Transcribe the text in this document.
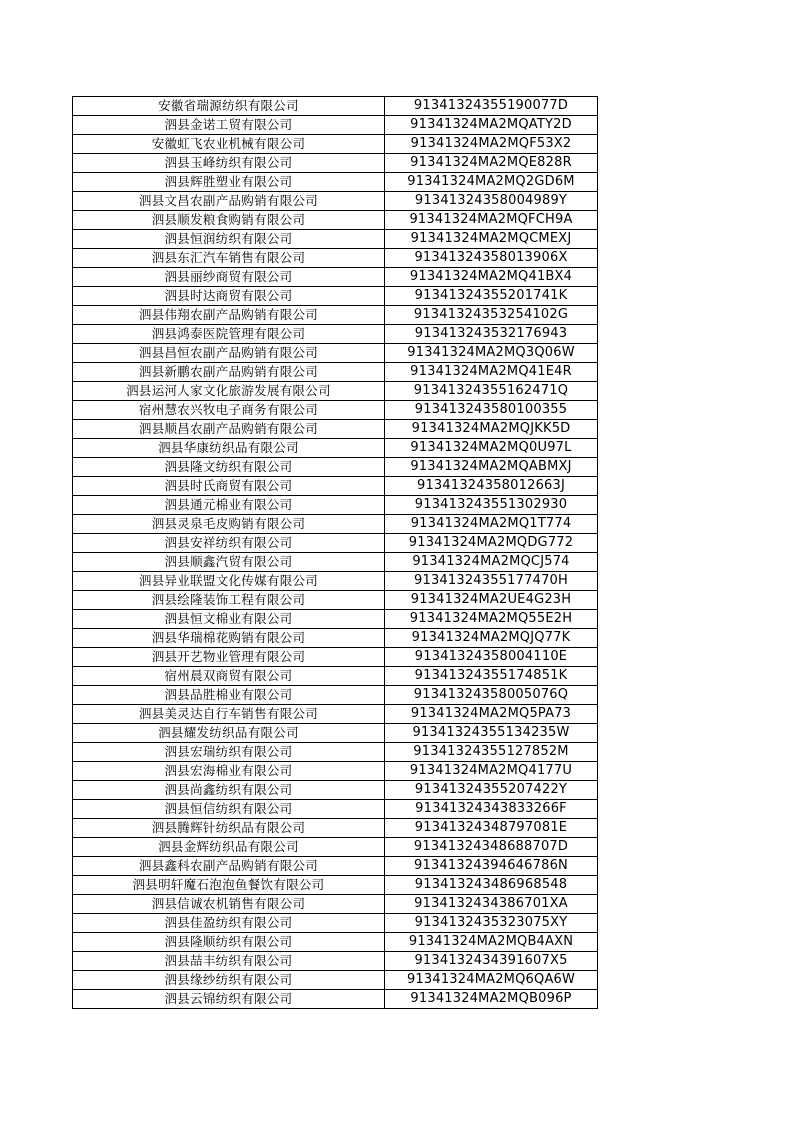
安徽省瑞源纺织有限公司	91341324355190077D
泗县金诺工贸有限公司	91341324MA2MQATY2D
安徽虹飞农业机械有限公司	91341324MA2MQF53X2
泗县玉峰纺织有限公司	91341324MA2MQE828R
泗县辉胜塑业有限公司	91341324MA2MQ2GD6M
泗县文昌农副产品购销有限公司	91341324358004989Y
泗县顺发粮食购销有限公司	91341324MA2MQFCH9A
泗县恒润纺织有限公司	91341324MA2MQCMEXJ
泗县东汇汽车销售有限公司	91341324358013906X
泗县丽纱商贸有限公司	91341324MA2MQ41BX4
泗县时达商贸有限公司	91341324355201741K
泗县伟翔农副产品购销有限公司	91341324353254102G
泗县鸿泰医院管理有限公司	913413243532176943
泗县昌恒农副产品购销有限公司	91341324MA2MQ3Q06W
泗县新鹏农副产品购销有限公司	91341324MA2MQ41E4R
泗县运河人家文化旅游发展有限公司	91341324355162471Q
宿州慧农兴牧电子商务有限公司	913413243580100355
泗县顺昌农副产品购销有限公司	91341324MA2MQJKK5D
泗县华康纺织品有限公司	91341324MA2MQ0U97L
泗县隆文纺织有限公司	91341324MA2MQABMXJ
泗县时氏商贸有限公司	91341324358012663J
泗县通元棉业有限公司	913413243551302930
泗县灵泉毛皮购销有限公司	91341324MA2MQ1T774
泗县安祥纺织有限公司	91341324MA2MQDG772
泗县顺鑫汽贸有限公司	91341324MA2MQCJ574
泗县异业联盟文化传媒有限公司	91341324355177470H
泗县绘隆装饰工程有限公司	91341324MA2UE4G23H
泗县恒文棉业有限公司	91341324MA2MQ55E2H
泗县华瑞棉花购销有限公司	91341324MA2MQJQ77K
泗县开艺物业管理有限公司	91341324358004110E
宿州晨双商贸有限公司	91341324355174851K
泗县品胜棉业有限公司	91341324358005076Q
泗县美灵达自行车销售有限公司	91341324MA2MQ5PA73
泗县耀发纺织品有限公司	91341324355134235W
泗县宏瑞纺织有限公司	91341324355127852M
泗县宏海棉业有限公司	91341324MA2MQ4177U
泗县尚鑫纺织有限公司	91341324355207422Y
泗县恒信纺织有限公司	91341324343833266F
泗县腾辉针纺织品有限公司	91341324348797081E
泗县金辉纺织品有限公司	91341324348688707D
泗县鑫科农副产品购销有限公司	91341324394646786N
泗县明轩魔石泡泡鱼餐饮有限公司	913413243486968548
泗县信诚农机销售有限公司	9134132434386701XA
泗县佳盈纺织有限公司	9134132435323075XY
泗县隆顺纺织有限公司	91341324MA2MQB4AXN
泗县喆丰纺织有限公司	9134132434391607X5
泗县缘纱纺织有限公司	91341324MA2MQ6QA6W
泗县云锦纺织有限公司	91341324MA2MQB096P
